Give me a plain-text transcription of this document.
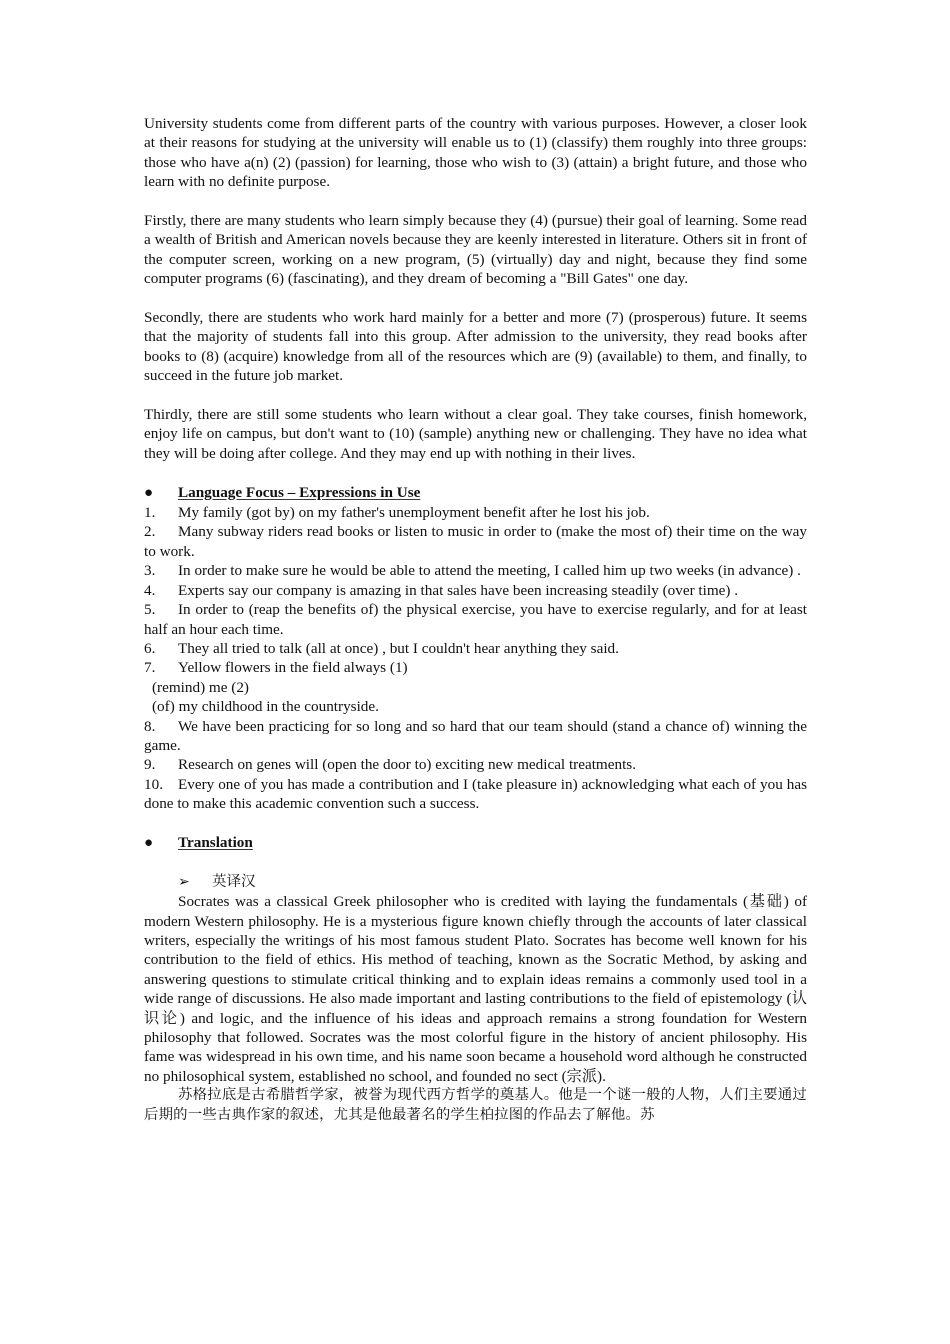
University students come from different parts of the country with various purposes. However, a closer look at their reasons for studying at the university will enable us to (1) (classify) them roughly into three groups: those who have a(n) (2) (passion) for learning, those who wish to (3) (attain) a bright future, and those who learn with no definite purpose.

Firstly, there are many students who learn simply because they (4) (pursue) their goal of learning. Some read a wealth of British and American novels because they are keenly interested in literature. Others sit in front of the computer screen, working on a new program, (5) (virtually) day and night, because they find some computer programs (6) (fascinating), and they dream of becoming a "Bill Gates" one day.

Secondly, there are students who work hard mainly for a better and more (7) (prosperous) future. It seems that the majority of students fall into this group. After admission to the university, they read books after books to (8) (acquire) knowledge from all of the resources which are (9) (available) to them, and finally, to succeed in the future job market.

Thirdly, there are still some students who learn without a clear goal. They take courses, finish homework, enjoy life on campus, but don't want to (10) (sample) anything new or challenging. They have no idea what they will be doing after college. And they may end up with nothing in their lives.

●	Language Focus – Expressions in Use

1. My family (got by) on my father's unemployment benefit after he lost his job.

2. Many subway riders read books or listen to music in order to (make the most of) their time on the way to work.

3. In order to make sure he would be able to attend the meeting, I called him up two weeks (in advance) .

4. Experts say our company is amazing in that sales have been increasing steadily (over time) .

5. In order to (reap the benefits of) the physical exercise, you have to exercise regularly, and for at least half an hour each time.

6. They all tried to talk (all at once) , but I couldn't hear anything they said.

7. Yellow flowers in the field always (1)

(remind) me (2)

(of) my childhood in the countryside.

8. We have been practicing for so long and so hard that our team should (stand a chance of) winning the game.

9. Research on genes will (open the door to) exciting new medical treatments.

10. Every one of you has made a contribution and I (take pleasure in) acknowledging what each of you has done to make this academic convention such a success.

●	Translation
➢	英译汉

Socrates was a classical Greek philosopher who is credited with laying the fundamentals (基础) of modern Western philosophy. He is a mysterious figure known chiefly through the accounts of later classical writers, especially the writings of his most famous student Plato. Socrates has become well known for his contribution to the field of ethics. His method of teaching, known as the Socratic Method, by asking and answering questions to stimulate critical thinking and to explain ideas remains a commonly used tool in a wide range of discussions. He also made important and lasting contributions to the field of epistemology (认识论) and logic, and the influence of his ideas and approach remains a strong foundation for Western philosophy that followed. Socrates was the most colorful figure in the history of ancient philosophy. His fame was widespread in his own time, and his name soon became a household word although he constructed no philosophical system, established no school, and founded no sect (宗派).

苏格拉底是古希腊哲学家，被誉为现代西方哲学的奠基人。他是一个谜一般的人物，人们主要通过后期的一些古典作家的叙述，尤其是他最著名的学生柏拉图的作品去了解他。苏
